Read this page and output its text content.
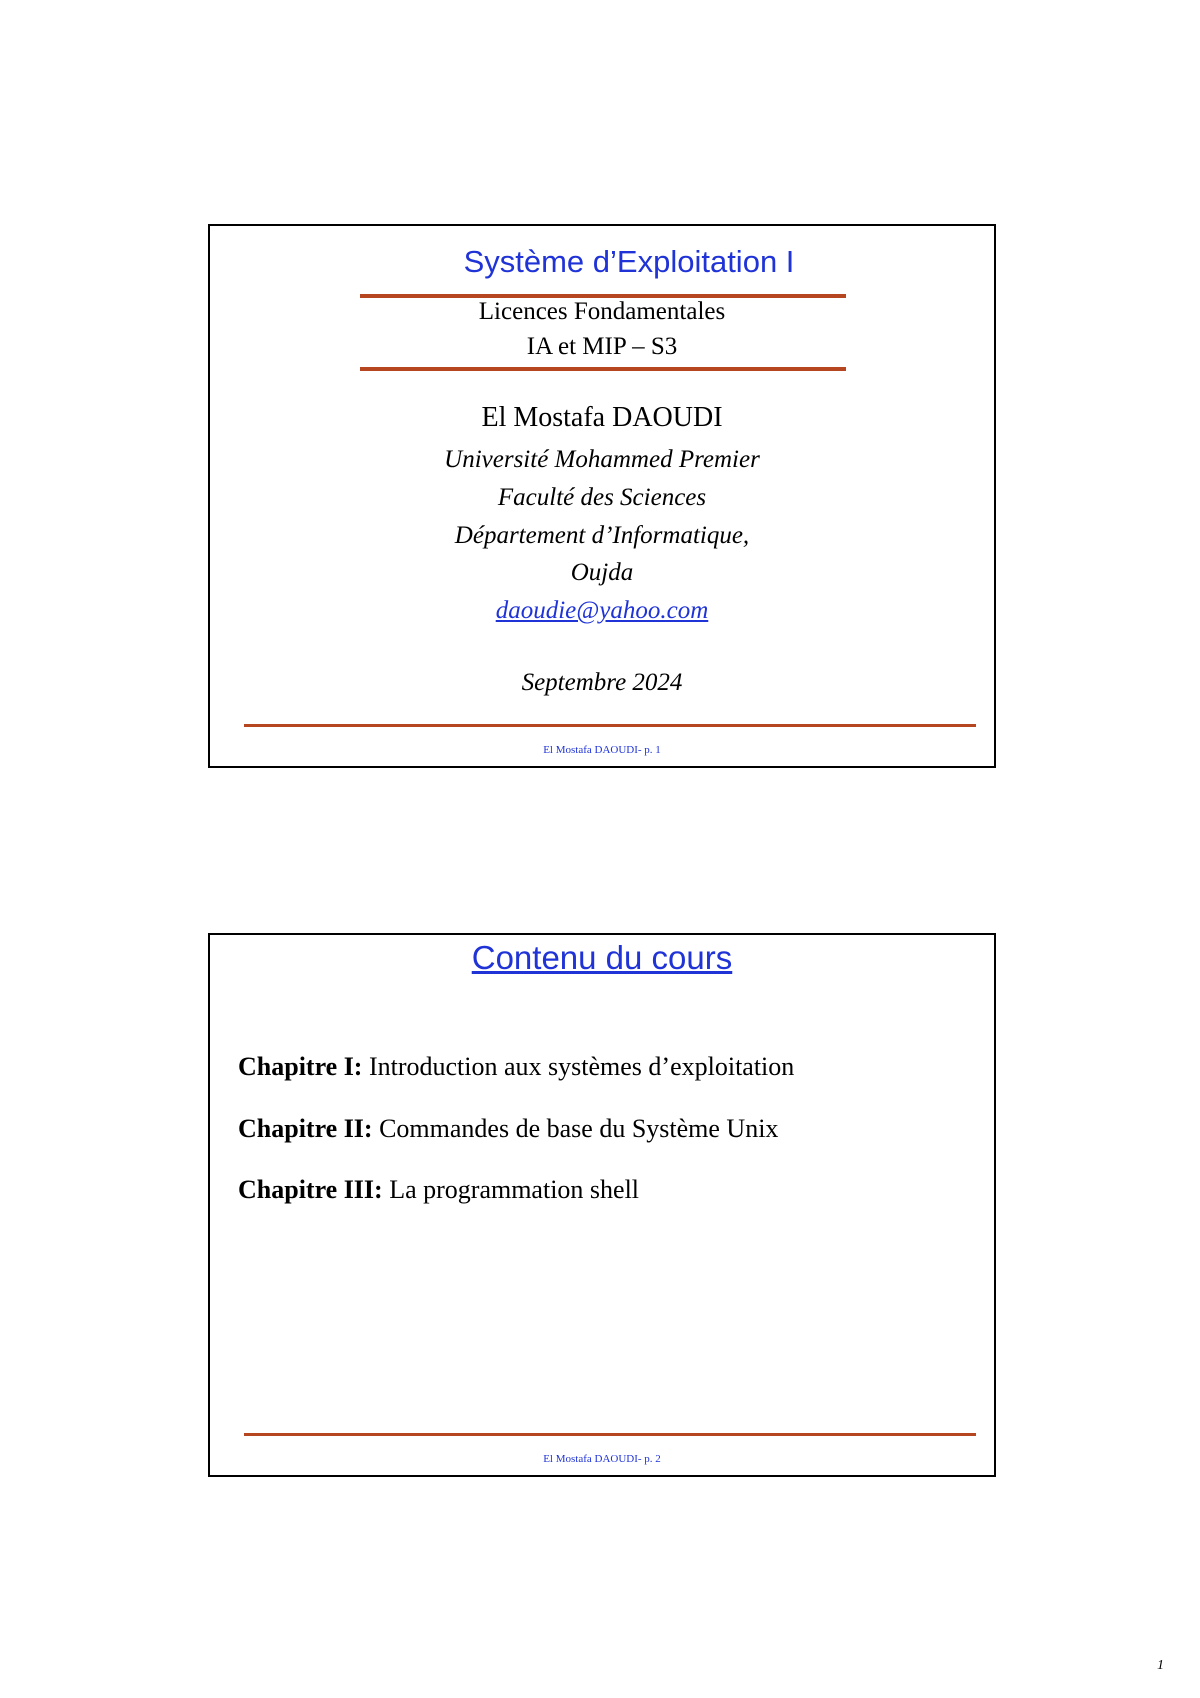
Système d’Exploitation I
Licences Fondamentales
IA et MIP – S3
El Mostafa DAOUDI
Université Mohammed Premier
Faculté des Sciences
Département d’Informatique,
Oujda
daoudie@yahoo.com
Septembre 2024
El Mostafa DAOUDI- p. 1
Contenu du cours
Chapitre I: Introduction aux systèmes d’exploitation
Chapitre II: Commandes de base du Système Unix
Chapitre III: La programmation shell
El Mostafa DAOUDI- p. 2
1
